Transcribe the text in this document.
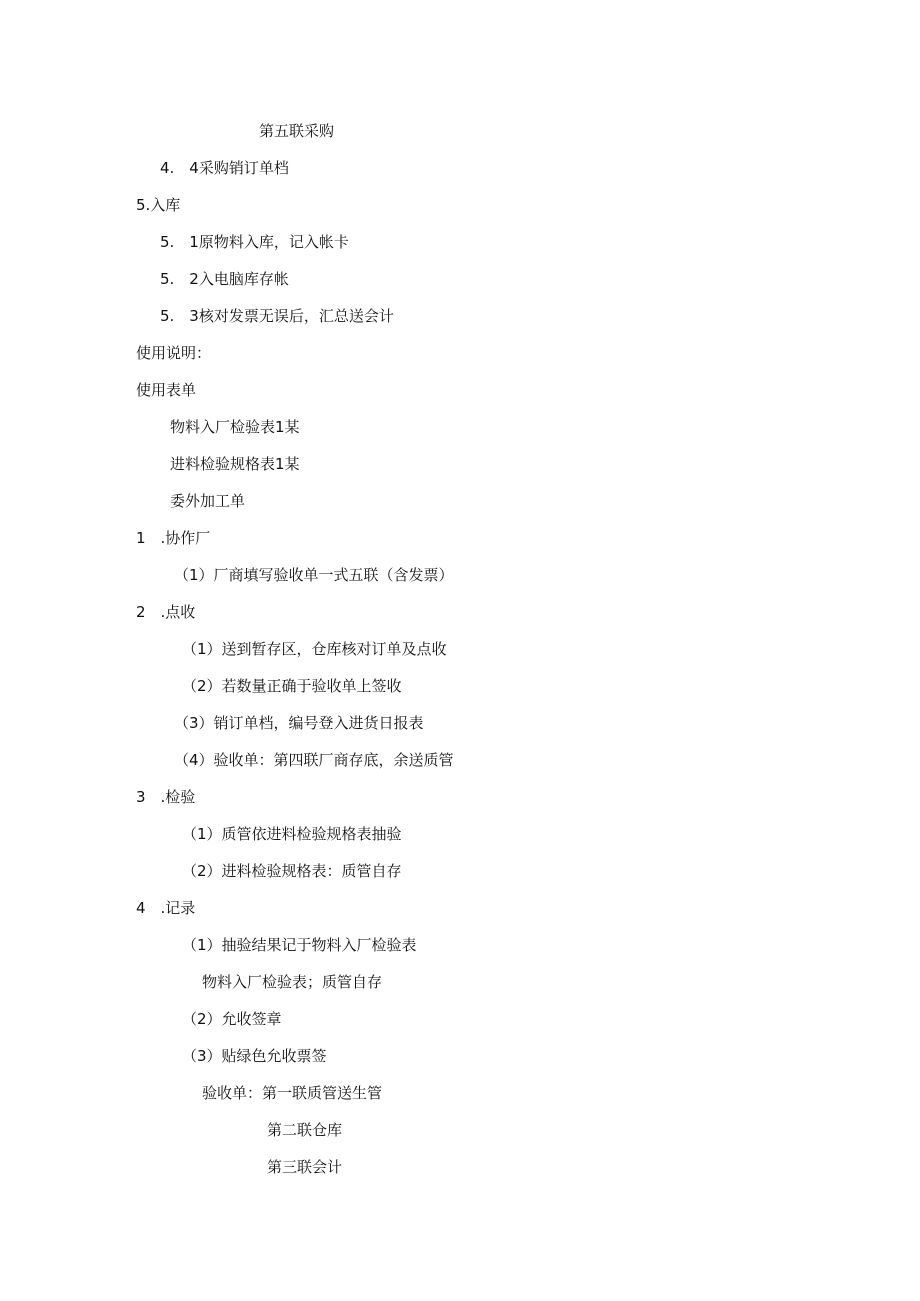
第五联采购
4.　4采购销订单档
5.入库
5.　1原物料入库，记入帐卡
5.　2入电脑库存帐
5.　3核对发票无误后，汇总送会计
使用说明：
使用表单
物料入厂检验表1某
进料检验规格表1某
委外加工单
1　.协作厂
（1）厂商填写验收单一式五联（含发票）
2　.点收
（1）送到暂存区，仓库核对订单及点收
（2）若数量正确于验收单上签收
（3）销订单档，编号登入进货日报表
（4）验收单：第四联厂商存底，余送质管
3　.检验
（1）质管依进料检验规格表抽验
（2）进料检验规格表：质管自存
4　.记录
（1）抽验结果记于物料入厂检验表
物料入厂检验表；质管自存
（2）允收签章
（3）贴绿色允收票签
验收单：第一联质管送生管
第二联仓库
第三联会计
